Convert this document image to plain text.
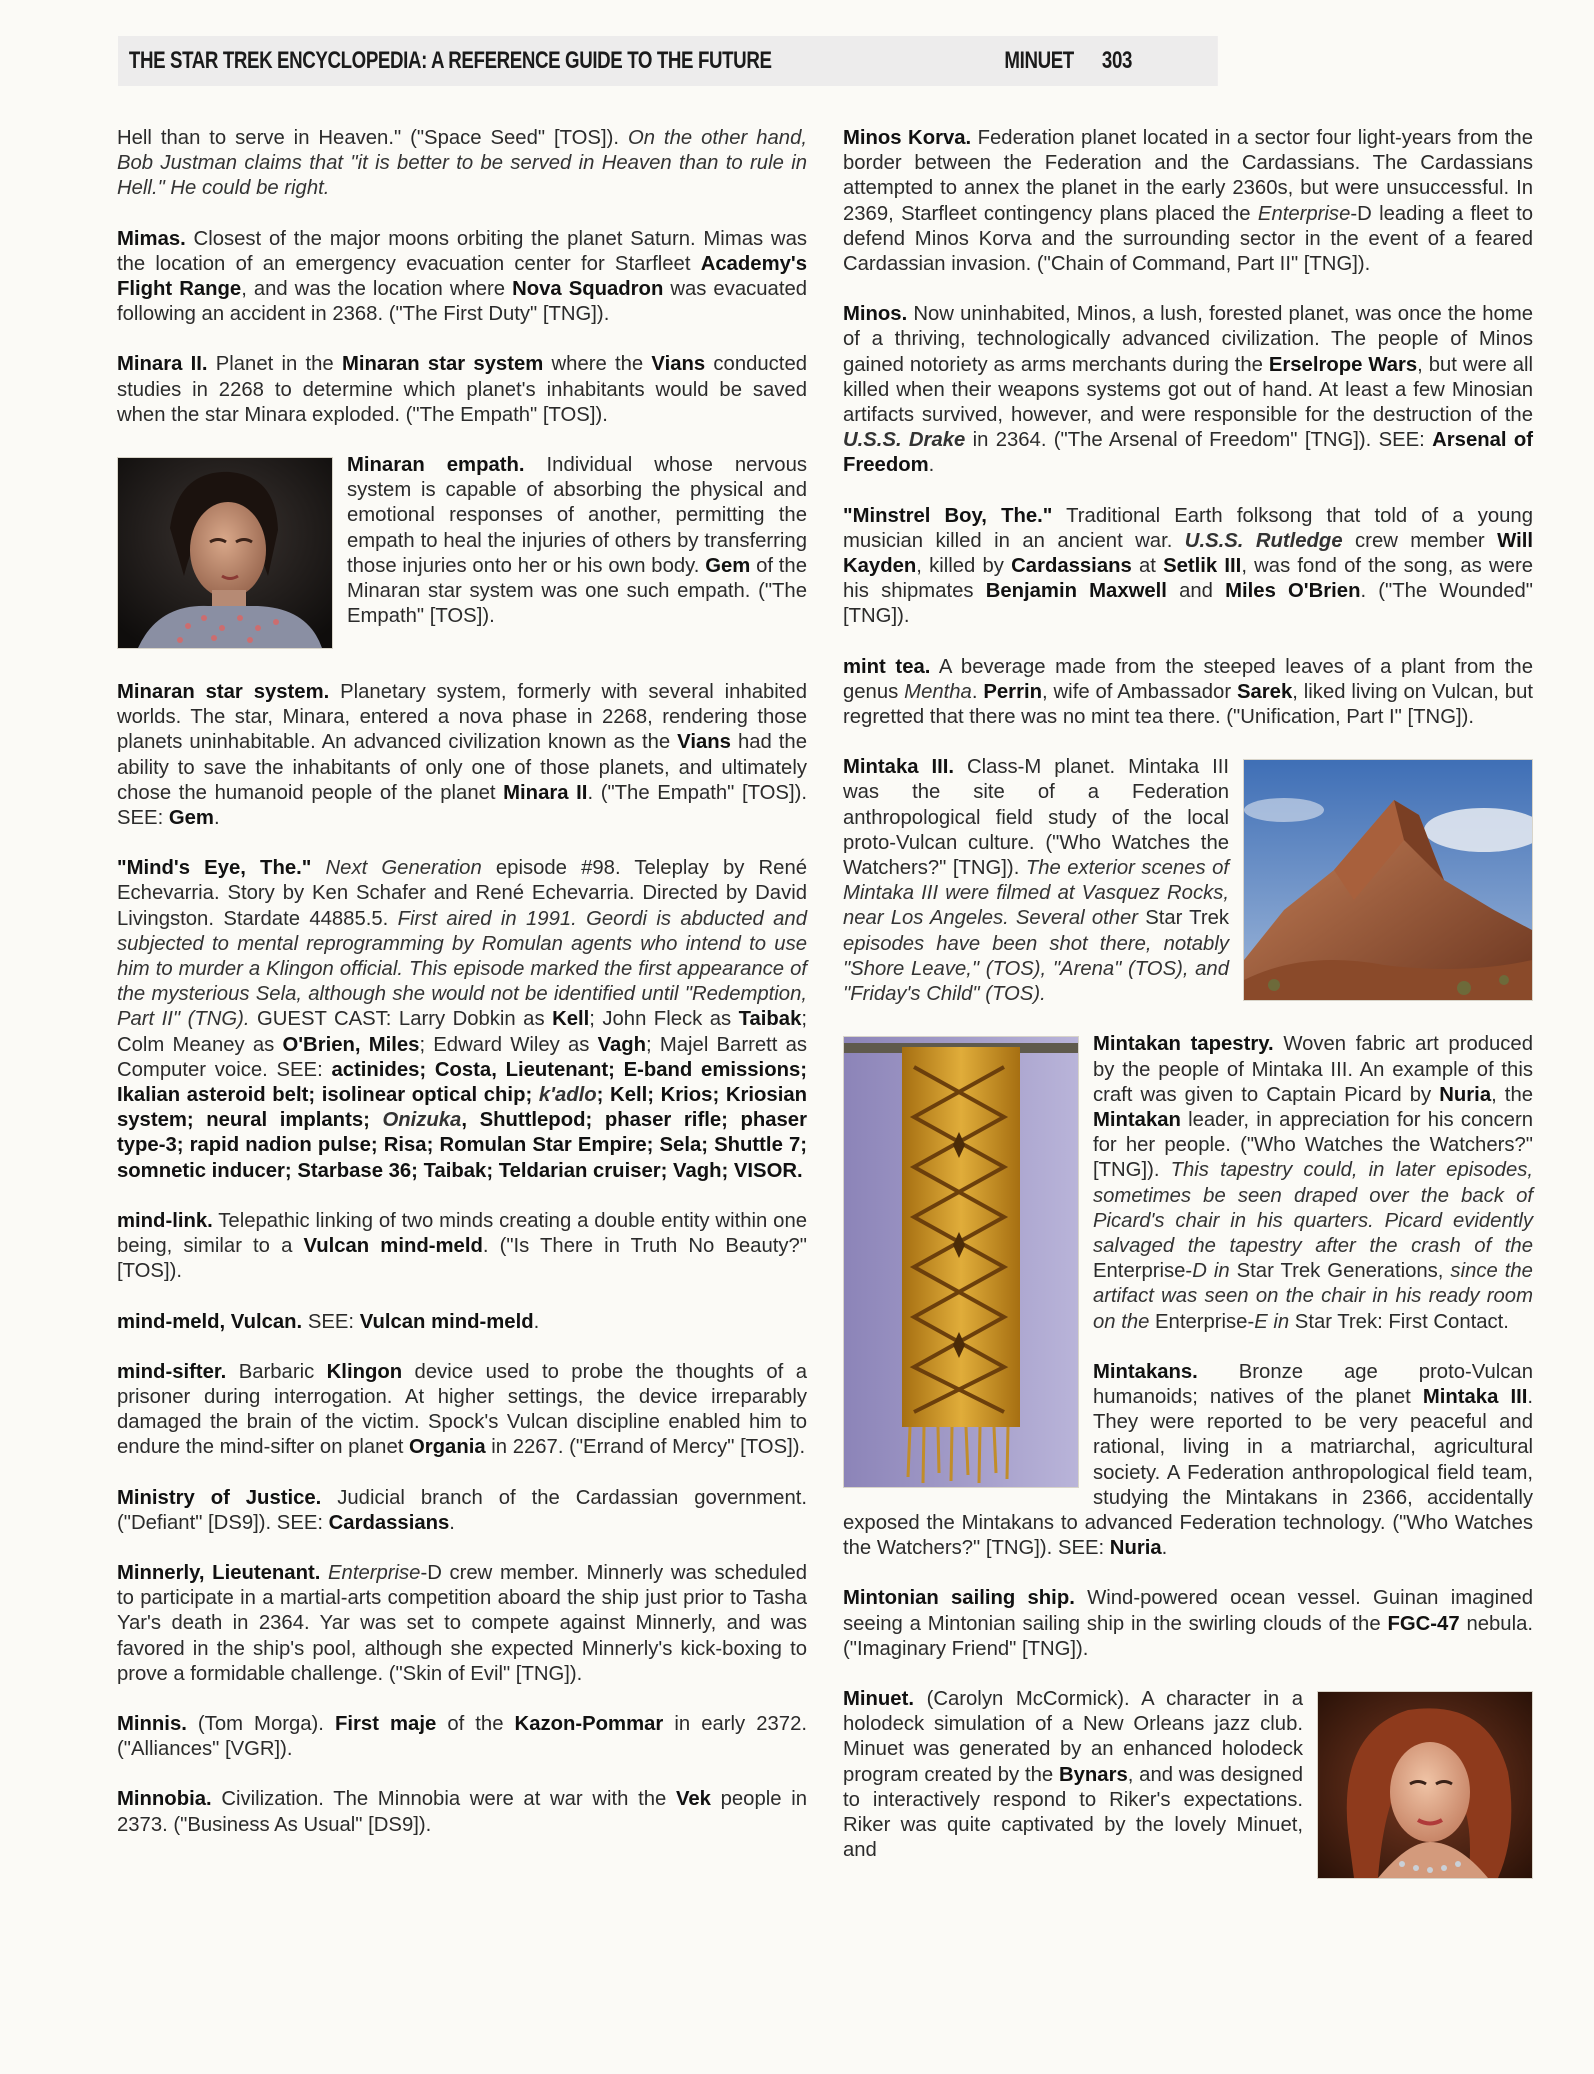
THE STAR TREK ENCYCLOPEDIA: A REFERENCE GUIDE TO THE FUTURE	MINUET 303

Hell than to serve in Heaven." ("Space Seed" [TOS]). On the other hand, Bob Justman claims that "it is better to be served in Heaven than to rule in Hell." He could be right.

Mimas. Closest of the major moons orbiting the planet Saturn. Mimas was the location of an emergency evacuation center for Starfleet Academy's Flight Range, and was the location where Nova Squadron was evacuated following an accident in 2368. ("The First Duty" [TNG]).

Minara II. Planet in the Minaran star system where the Vians conducted studies in 2268 to determine which planet's inhabitants would be saved when the star Minara exploded. ("The Empath" [TOS]).

Minaran empath. Individual whose nervous system is capable of absorbing the physical and emotional responses of another, permitting the empath to heal the injuries of others by transferring those injuries onto her or his own body. Gem of the Minaran star system was one such empath. ("The Empath" [TOS]).

Minaran star system. Planetary system, formerly with several inhabited worlds. The star, Minara, entered a nova phase in 2268, rendering those planets uninhabitable. An advanced civilization known as the Vians had the ability to save the inhabitants of only one of those planets, and ultimately chose the humanoid people of the planet Minara II. ("The Empath" [TOS]). SEE: Gem.

"Mind's Eye, The." Next Generation episode #98. Teleplay by René Echevarria. Story by Ken Schafer and René Echevarria. Directed by David Livingston. Stardate 44885.5. First aired in 1991. Geordi is abducted and subjected to mental reprogramming by Romulan agents who intend to use him to murder a Klingon official. This episode marked the first appearance of the mysterious Sela, although she would not be identified until "Redemption, Part II" (TNG). GUEST CAST: Larry Dobkin as Kell; John Fleck as Taibak; Colm Meaney as O'Brien, Miles; Edward Wiley as Vagh; Majel Barrett as Computer voice. SEE: actinides; Costa, Lieutenant; E-band emissions; Ikalian asteroid belt; isolinear optical chip; k'adlo; Kell; Krios; Kriosian system; neural implants; Onizuka, Shuttlepod; phaser rifle; phaser type-3; rapid nadion pulse; Risa; Romulan Star Empire; Sela; Shuttle 7; somnetic inducer; Starbase 36; Taibak; Teldarian cruiser; Vagh; VISOR.

mind-link. Telepathic linking of two minds creating a double entity within one being, similar to a Vulcan mind-meld. ("Is There in Truth No Beauty?" [TOS]).

mind-meld, Vulcan. SEE: Vulcan mind-meld.

mind-sifter. Barbaric Klingon device used to probe the thoughts of a prisoner during interrogation. At higher settings, the device irreparably damaged the brain of the victim. Spock's Vulcan discipline enabled him to endure the mind-sifter on planet Organia in 2267. ("Errand of Mercy" [TOS]).

Ministry of Justice. Judicial branch of the Cardassian government. ("Defiant" [DS9]). SEE: Cardassians.

Minnerly, Lieutenant. Enterprise-D crew member. Minnerly was scheduled to participate in a martial-arts competition aboard the ship just prior to Tasha Yar's death in 2364. Yar was set to compete against Minnerly, and was favored in the ship's pool, although she expected Minnerly's kick-boxing to prove a formidable challenge. ("Skin of Evil" [TNG]).

Minnis. (Tom Morga). First maje of the Kazon-Pommar in early 2372. ("Alliances" [VGR]).

Minnobia. Civilization. The Minnobia were at war with the Vek people in 2373. ("Business As Usual" [DS9]).

Minos Korva. Federation planet located in a sector four light-years from the border between the Federation and the Cardassians. The Cardassians attempted to annex the planet in the early 2360s, but were unsuccessful. In 2369, Starfleet contingency plans placed the Enterprise-D leading a fleet to defend Minos Korva and the surrounding sector in the event of a feared Cardassian invasion. ("Chain of Command, Part II" [TNG]).

Minos. Now uninhabited, Minos, a lush, forested planet, was once the home of a thriving, technologically advanced civilization. The people of Minos gained notoriety as arms merchants during the Erselrope Wars, but were all killed when their weapons systems got out of hand. At least a few Minosian artifacts survived, however, and were responsible for the destruction of the U.S.S. Drake in 2364. ("The Arsenal of Freedom" [TNG]). SEE: Arsenal of Freedom.

"Minstrel Boy, The." Traditional Earth folksong that told of a young musician killed in an ancient war. U.S.S. Rutledge crew member Will Kayden, killed by Cardassians at Setlik III, was fond of the song, as were his shipmates Benjamin Maxwell and Miles O'Brien. ("The Wounded" [TNG]).

mint tea. A beverage made from the steeped leaves of a plant from the genus Mentha. Perrin, wife of Ambassador Sarek, liked living on Vulcan, but regretted that there was no mint tea there. ("Unification, Part I" [TNG]).

Mintaka III. Class-M planet. Mintaka III was the site of a Federation anthropological field study of the local proto-Vulcan culture. ("Who Watches the Watchers?" [TNG]). The exterior scenes of Mintaka III were filmed at Vasquez Rocks, near Los Angeles. Several other Star Trek episodes have been shot there, notably "Shore Leave," (TOS), "Arena" (TOS), and "Friday's Child" (TOS).

Mintakan tapestry. Woven fabric art produced by the people of Mintaka III. An example of this craft was given to Captain Picard by Nuria, the Mintakan leader, in appreciation for his concern for her people. ("Who Watches the Watchers?" [TNG]). This tapestry could, in later episodes, sometimes be seen draped over the back of Picard's chair in his quarters. Picard evidently salvaged the tapestry after the crash of the Enterprise-D in Star Trek Generations, since the artifact was seen on the chair in his ready room on the Enterprise-E in Star Trek: First Contact.

Mintakans. Bronze age proto-Vulcan humanoids; natives of the planet Mintaka III. They were reported to be very peaceful and rational, living in a matriarchal, agricultural society. A Federation anthropological field team, studying the Mintakans in 2366, accidentally exposed the Mintakans to advanced Federation technology. ("Who Watches the Watchers?" [TNG]). SEE: Nuria.

Mintonian sailing ship. Wind-powered ocean vessel. Guinan imagined seeing a Mintonian sailing ship in the swirling clouds of the FGC-47 nebula. ("Imaginary Friend" [TNG]).

Minuet. (Carolyn McCormick). A character in a holodeck simulation of a New Orleans jazz club. Minuet was generated by an enhanced holodeck program created by the Bynars, and was designed to interactively respond to Riker's expectations. Riker was quite captivated by the lovely Minuet, and
